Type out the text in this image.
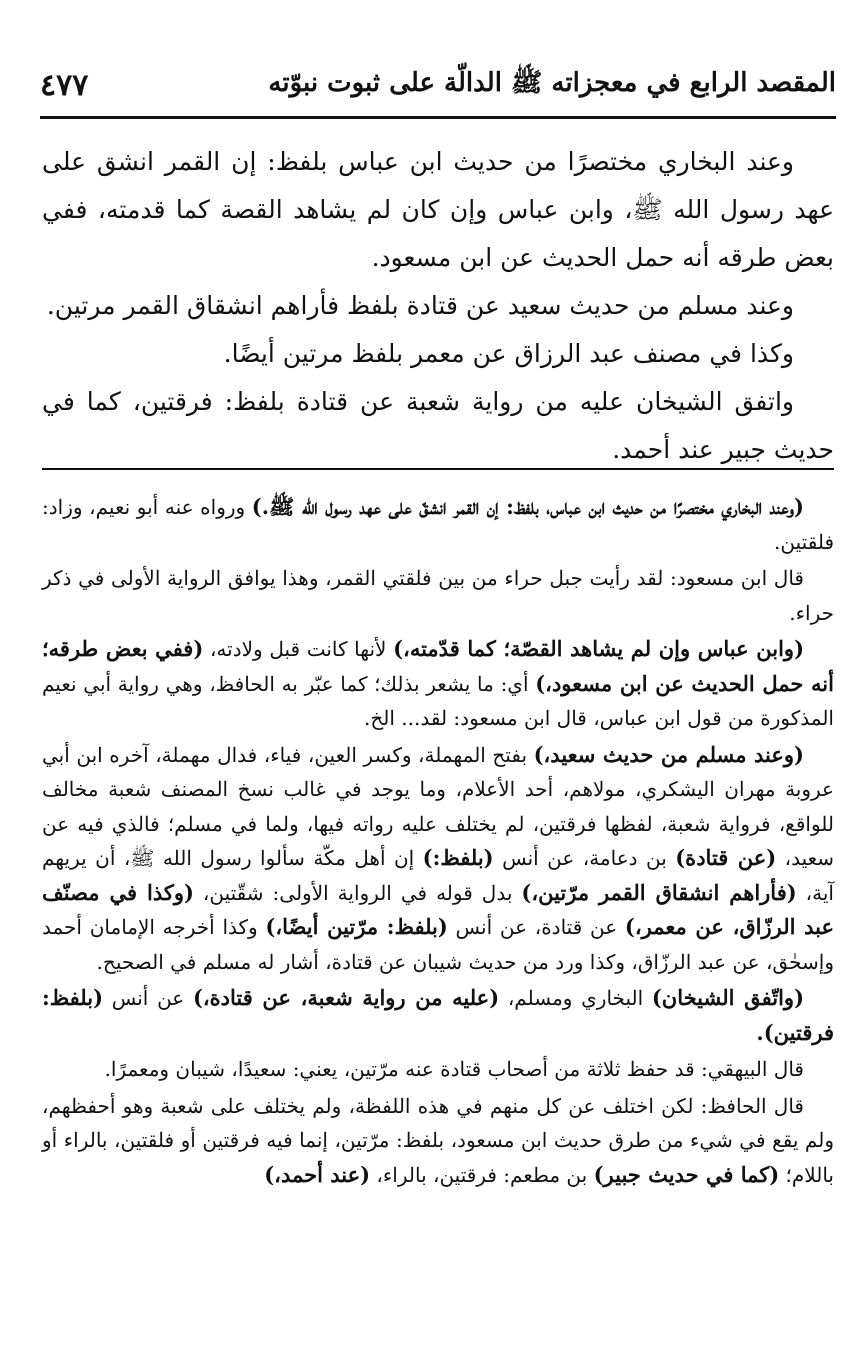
٤٧٧	المقصد الرابع في معجزاته ﷺ الدالّة على ثبوت نبوّته

وعند البخاري مختصرًا من حديث ابن عباس بلفظ: إن القمر انشق على عهد رسول الله ﷺ، وابن عباس وإن كان لم يشاهد القصة كما قدمته، ففي بعض طرقه أنه حمل الحديث عن ابن مسعود.

وعند مسلم من حديث سعيد عن قتادة بلفظ فأراهم انشقاق القمر مرتين.

وكذا في مصنف عبد الرزاق عن معمر بلفظ مرتين أيضًا.

واتفق الشيخان عليه من رواية شعبة عن قتادة بلفظ: فرقتين، كما في حديث جبير عند أحمد.

(وعند البخاري مختصرًا من حديث ابن عباس، بلفظ: إن القمر انشقّ على عهد رسول الله ﷺ.) ورواه عنه أبو نعيم، وزاد: فلقتين.

قال ابن مسعود: لقد رأيت جبل حراء من بين فلقتي القمر، وهذا يوافق الرواية الأولى في ذكر حراء.

(وابن عباس وإن لم يشاهد القصّة؛ كما قدّمته،) لأنها كانت قبل ولادته، (ففي بعض طرقه؛ أنه حمل الحديث عن ابن مسعود،) أي: ما يشعر بذلك؛ كما عبّر به الحافظ، وهي رواية أبي نعيم المذكورة من قول ابن عباس، قال ابن مسعود: لقد... الخ.

(وعند مسلم من حديث سعيد،) بفتح المهملة، وكسر العين، فياء، فدال مهملة، آخره ابن أبي عروبة مهران اليشكري، مولاهم، أحد الأعلام، وما يوجد في غالب نسخ المصنف شعبة مخالف للواقع، فرواية شعبة، لفظها فرقتين، لم يختلف عليه رواته فيها، ولما في مسلم؛ فالذي فيه عن سعيد، (عن قتادة) بن دعامة، عن أنس (بلفظ:) إن أهل مكّة سألوا رسول الله ﷺ، أن يريهم آية، (فأراهم انشقاق القمر مرّتين،) بدل قوله في الرواية الأولى: شقّتين، (وكذا في مصنّف عبد الرزّاق، عن معمر،) عن قتادة، عن أنس (بلفظ: مرّتين أيضًا،) وكذا أخرجه الإمامان أحمد وإسحٰق، عن عبد الرزّاق، وكذا ورد من حديث شيبان عن قتادة، أشار له مسلم في الصحيح.

(واتّفق الشيخان) البخاري ومسلم، (عليه من رواية شعبة، عن قتادة،) عن أنس (بلفظ: فرقتين).

قال البيهقي: قد حفظ ثلاثة من أصحاب قتادة عنه مرّتين، يعني: سعيدًا، شيبان ومعمرًا.

قال الحافظ: لكن اختلف عن كل منهم في هذه اللفظة، ولم يختلف على شعبة وهو أحفظهم، ولم يقع في شيء من طرق حديث ابن مسعود، بلفظ: مرّتين، إنما فيه فرقتين أو فلقتين، بالراء أو باللام؛ (كما في حديث جبير) بن مطعم: فرقتين، بالراء، (عند أحمد،)
